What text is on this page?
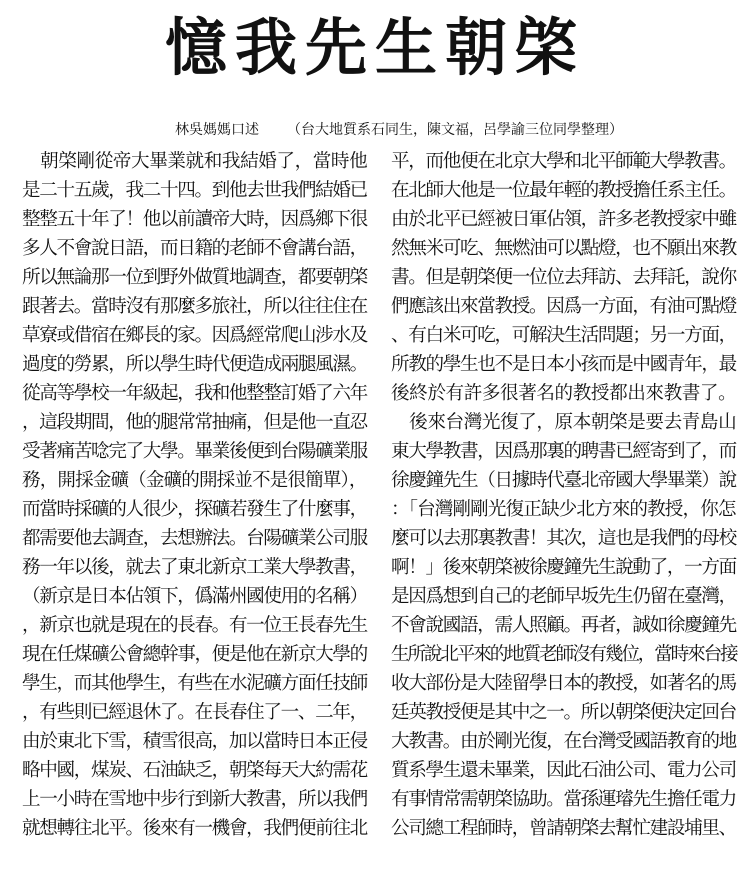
憶我先生朝棨
林吳媽媽口述 （台大地質系石同生，陳文福，呂學諭三位同學整理）
　朝棨剛從帝大畢業就和我結婚了，當時他
是二十五歲，我二十四。到他去世我們結婚已
整整五十年了！他以前讀帝大時，因爲鄉下很
多人不會說日語，而日籍的老師不會講台語，
所以無論那一位到野外做質地調查，都要朝棨
跟著去。當時沒有那麼多旅社，所以往往住在
草寮或借宿在鄉長的家。因爲經常爬山涉水及
過度的勞累，所以學生時代便造成兩腿風濕。
從高等學校一年級起，我和他整整訂婚了六年
，這段期間，他的腿常常抽痛，但是他一直忍
受著痛苦唸完了大學。畢業後便到台陽礦業服
務，開採金礦（金礦的開採並不是很簡單），
而當時採礦的人很少，探礦若發生了什麼事，
都需要他去調查，去想辦法。台陽礦業公司服
務一年以後，就去了東北新京工業大學教書，
（新京是日本佔領下，僞滿州國使用的名稱）
，新京也就是現在的長春。有一位王長春先生
現在任煤礦公會總幹事，便是他在新京大學的
學生，而其他學生，有些在水泥礦方面任技師
，有些則已經退休了。在長春住了一、二年，
由於東北下雪，積雪很高，加以當時日本正侵
略中國，煤炭、石油缺乏，朝棨每天大約需花
上一小時在雪地中步行到新大教書，所以我們
就想轉往北平。後來有一機會，我們便前往北
平，而他便在北京大學和北平師範大學教書。
在北師大他是一位最年輕的教授擔任系主任。
由於北平已經被日軍佔領，許多老教授家中雖
然無米可吃、無燃油可以點燈，也不願出來教
書。但是朝棨便一位位去拜訪、去拜託，說你
們應該出來當教授。因爲一方面，有油可點燈
、有白米可吃，可解決生活問題；另一方面，
所教的學生也不是日本小孩而是中國青年，最
後終於有許多很著名的教授都出來教書了。
　後來台灣光復了，原本朝棨是要去青島山
東大學教書，因爲那裏的聘書已經寄到了，而
徐慶鐘先生（日據時代臺北帝國大學畢業）說
：「台灣剛剛光復正缺少北方來的教授，你怎
麼可以去那裏教書！其次，這也是我們的母校
啊！」後來朝棨被徐慶鐘先生說動了，一方面
是因爲想到自己的老師早坂先生仍留在臺灣，
不會說國語，需人照顧。再者，誠如徐慶鐘先
生所說北平來的地質老師沒有幾位，當時來台接
收大部份是大陸留學日本的教授，如著名的馬
廷英教授便是其中之一。所以朝棨便決定回台
大教書。由於剛光復，在台灣受國語教育的地
質系學生還未畢業，因此石油公司、電力公司
有事情常需朝棨協助。當孫運璿先生擔任電力
公司總工程師時，曾請朝棨去幫忙建設埔里、
